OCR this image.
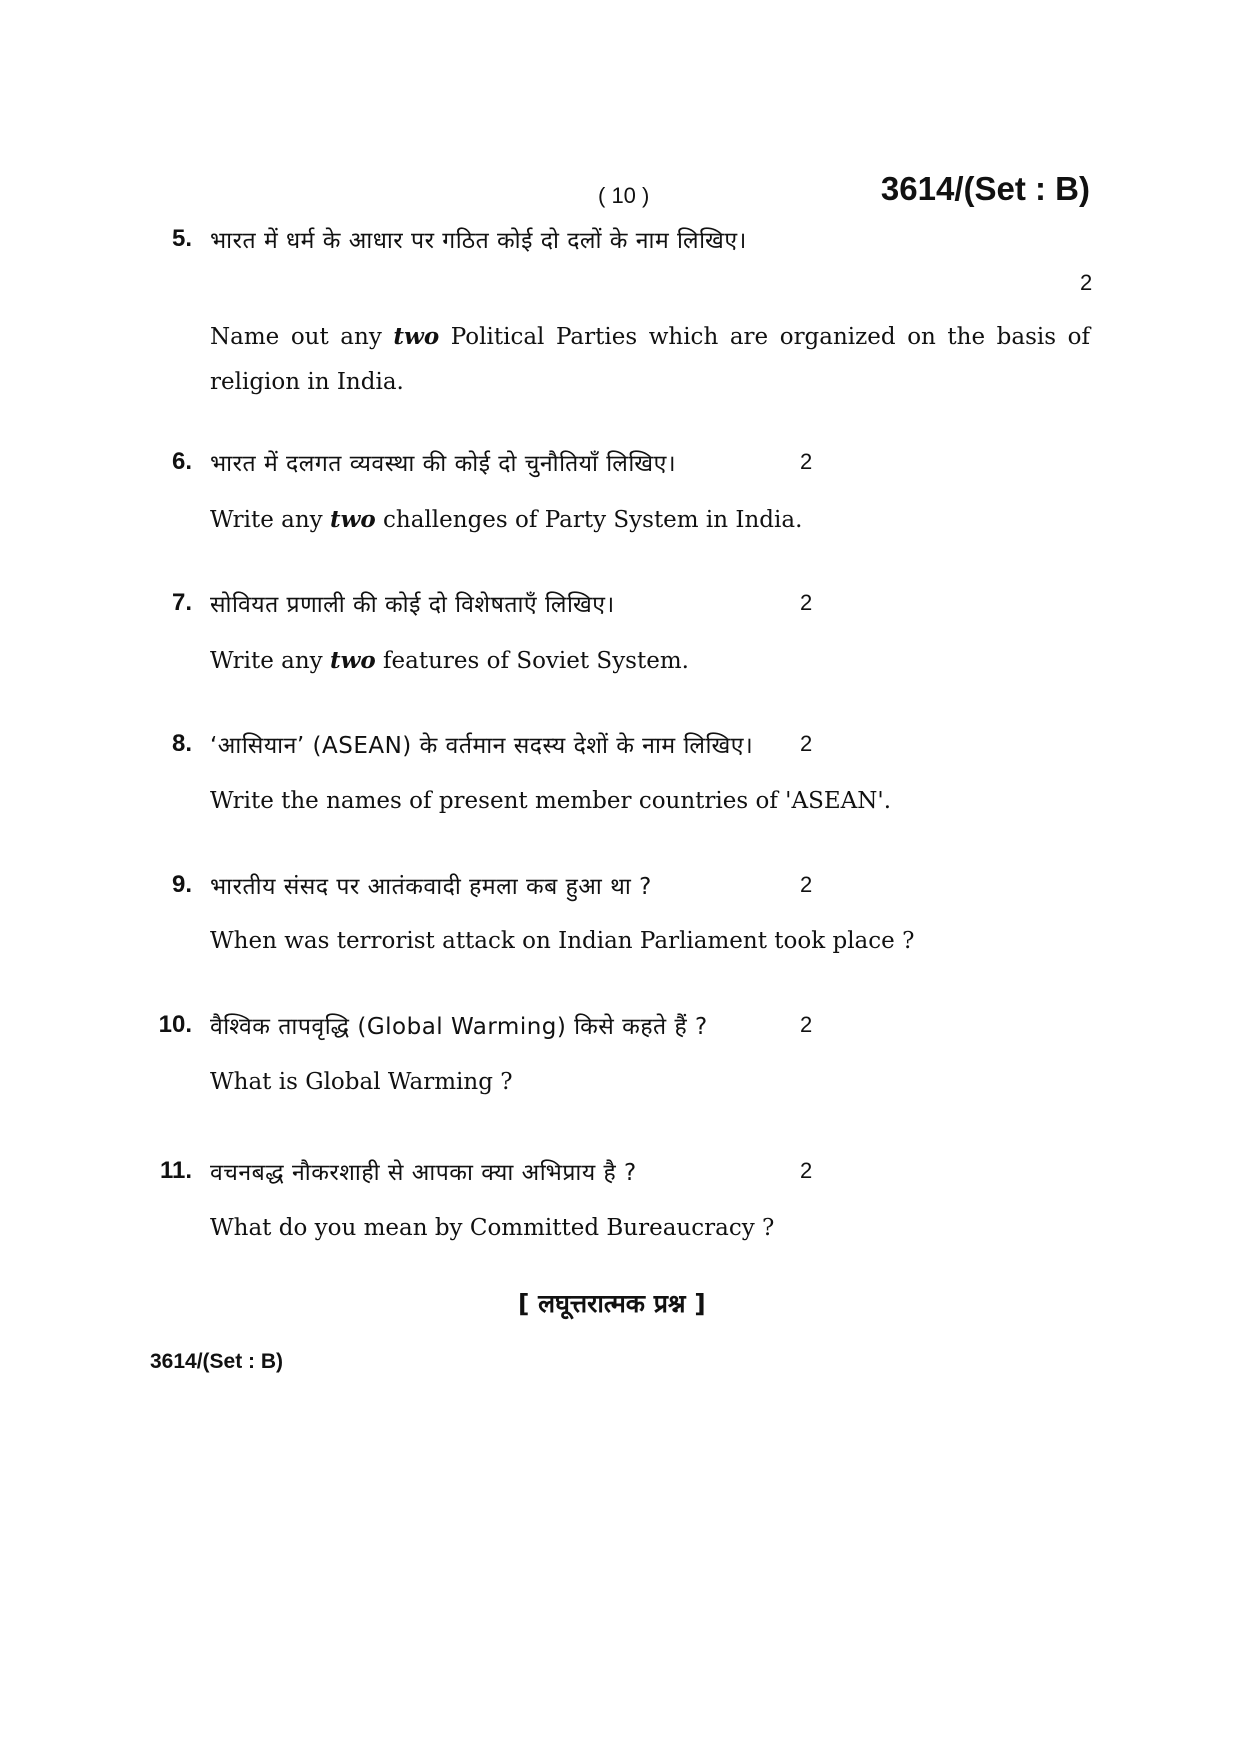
( 10 )	3614/(Set : B)
5. भारत में धर्म के आधार पर गठित कोई दो दलों के नाम लिखिए।
2
Name out any two Political Parties which are organized on the basis of religion in India.
6. भारत में दलगत व्यवस्था की कोई दो चुनौतियाँ लिखिए।	2
Write any two challenges of Party System in India.
7. सोवियत प्रणाली की कोई दो विशेषताएँ लिखिए।	2
Write any two features of Soviet System.
8. ‘आसियान’ (ASEAN) के वर्तमान सदस्य देशों के नाम लिखिए। 2
Write the names of present member countries of 'ASEAN'.
9. भारतीय संसद पर आतंकवादी हमला कब हुआ था ?	2
When was terrorist attack on Indian Parliament took place ?
10. वैश्विक तापवृद्धि (Global Warming) किसे कहते हैं ?	2
What is Global Warming ?
11. वचनबद्ध नौकरशाही से आपका क्या अभिप्राय है ?	2
What do you mean by Committed Bureaucracy ?
[ लघूत्तरात्मक प्रश्न ]
3614/(Set : B)
